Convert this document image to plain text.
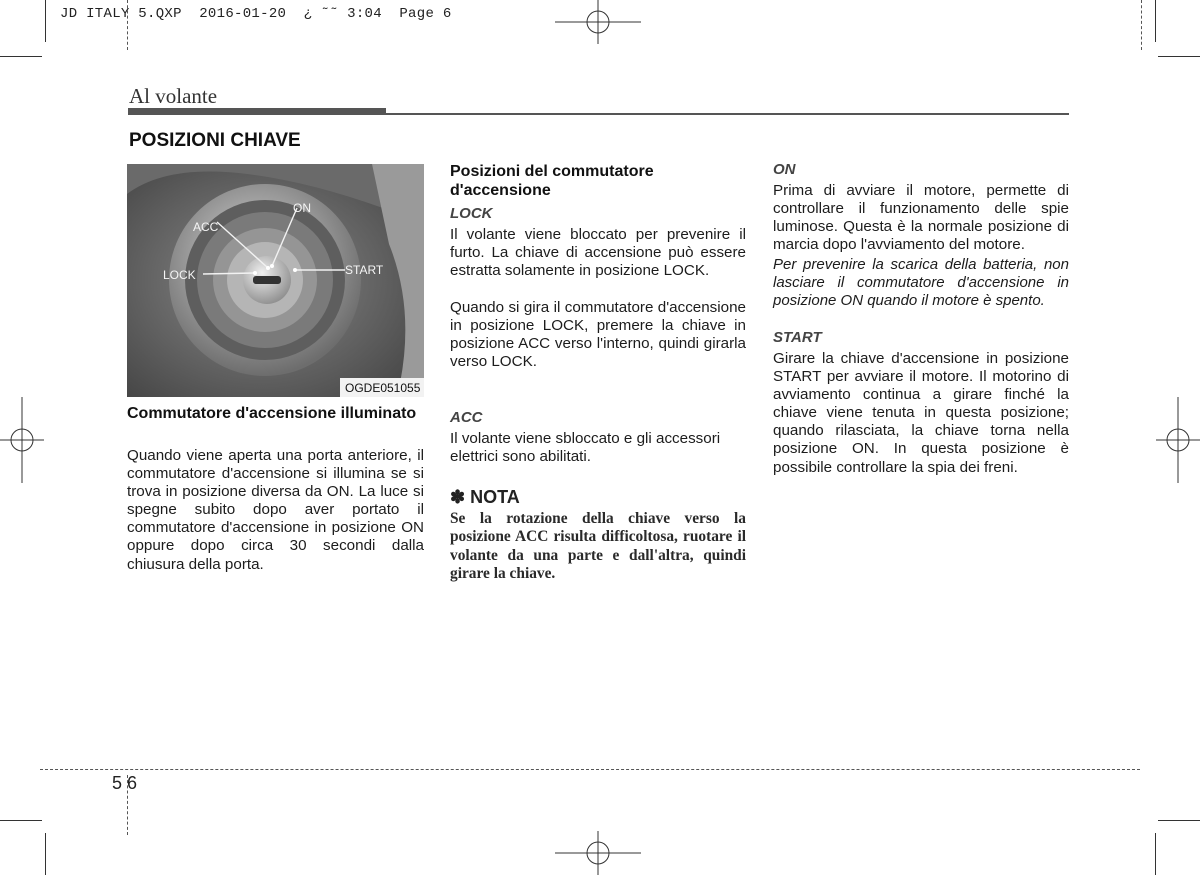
JD ITALY 5.QXP  2016-01-20  ¿ ˜˜ 3:04  Page 6
Al volante
POSIZIONI CHIAVE
ON
ACC
LOCK	START
OGDE051055
Commutatore d'accensione illuminato
Quando viene aperta una porta anteriore, il commutatore d'accensione si illumina se si trova in posizione diversa da ON. La luce si spegne subito dopo aver portato il commutatore d'accensione in posizione ON oppure dopo circa 30 secondi dalla chiusura della porta.
Posizioni del commutatore d'accensione
LOCK
Il volante viene bloccato per prevenire il furto. La chiave di accensione può essere estratta solamente in posizione LOCK.
Quando si gira il commutatore d'accensione in posizione LOCK, premere la chiave in posizione ACC verso l'interno, quindi girarla verso LOCK.
ACC
Il volante viene sbloccato e gli accessori elettrici sono abilitati.
✽ NOTA
Se la rotazione della chiave verso la posizione ACC risulta difficoltosa, ruotare il volante da una parte e dall'altra, quindi girare la chiave.
ON
Prima di avviare il motore, permette di controllare il funzionamento delle spie luminose. Questa è la normale posizione di marcia dopo l'avviamento del motore.
Per prevenire la scarica della batteria, non lasciare il commutatore d'accensione in posizione ON quando il motore è spento.
START
Girare la chiave d'accensione in posizione START per avviare il motore. Il motorino di avviamento continua a girare finché la chiave viene tenuta in questa posizione; quando rilasciata, la chiave torna nella posizione ON. In questa posizione è possibile controllare la spia dei freni.
5 6
